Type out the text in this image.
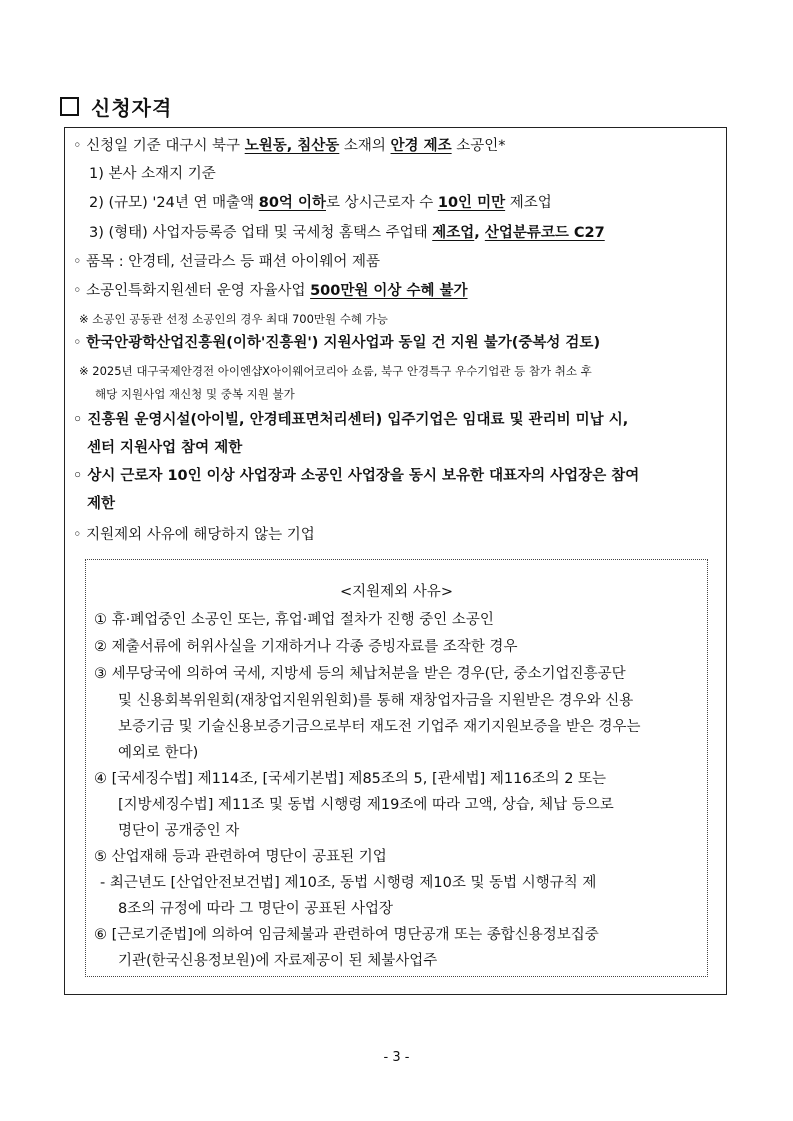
신청자격
◦ 신청일 기준 대구시 북구 노원동, 침산동 소재의 안경 제조 소공인*
1) 본사 소재지 기준
2) (규모) '24년 연 매출액 80억 이하로 상시근로자 수 10인 미만 제조업
3) (형태) 사업자등록증 업태 및 국세청 홈택스 주업태 제조업, 산업분류코드 C27
◦ 품목 : 안경테, 선글라스 등 패션 아이웨어 제품
◦ 소공인특화지원센터 운영 자율사업 500만원 이상 수혜 불가
※ 소공인 공동관 선정 소공인의 경우 최대 700만원 수혜 가능
◦ 한국안광학산업진흥원(이하'진흥원') 지원사업과 동일 건 지원 불가(중복성 검토)
※ 2025년 대구국제안경전 아이엔샵X아이웨어코리아 쇼룸, 북구 안경특구 우수기업관 등 참가 취소 후
해당 지원사업 재신청 및 중복 지원 불가
◦ 진흥원 운영시설(아이빌, 안경테표면처리센터) 입주기업은 임대료 및 관리비 미납 시,
센터 지원사업 참여 제한
◦ 상시 근로자 10인 이상 사업장과 소공인 사업장을 동시 보유한 대표자의 사업장은 참여
제한
◦ 지원제외 사유에 해당하지 않는 기업
<지원제외 사유>
① 휴·폐업중인 소공인 또는, 휴업·폐업 절차가 진행 중인 소공인
② 제출서류에 허위사실을 기재하거나 각종 증빙자료를 조작한 경우
③ 세무당국에 의하여 국세, 지방세 등의 체납처분을 받은 경우(단, 중소기업진흥공단
및 신용회복위원회(재창업지원위원회)를 통해 재창업자금을 지원받은 경우와 신용
보증기금 및 기술신용보증기금으로부터 재도전 기업주 재기지원보증을 받은 경우는
예외로 한다)
④ [국세징수법] 제114조, [국세기본법] 제85조의 5, [관세법] 제116조의 2 또는
[지방세징수법] 제11조 및 동법 시행령 제19조에 따라 고액, 상습, 체납 등으로
명단이 공개중인 자
⑤ 산업재해 등과 관련하여 명단이 공표된 기업
- 최근년도 [산업안전보건법] 제10조, 동법 시행령 제10조 및 동법 시행규칙 제
8조의 규정에 따라 그 명단이 공표된 사업장
⑥ [근로기준법]에 의하여 임금체불과 관련하여 명단공개 또는 종합신용정보집중
기관(한국신용정보원)에 자료제공이 된 체불사업주
- 3 -
